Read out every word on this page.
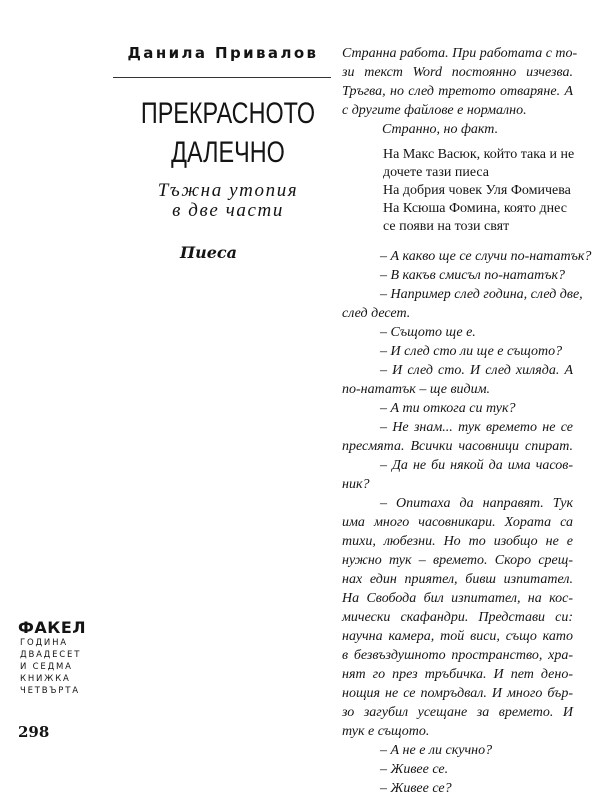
Данила Привалов
ПРЕКРАСНОТО
ДАЛЕЧНО
Тъжна утопия
в две части
Пиеса
ФАКЕЛ
ГОДИНА
ДВАДЕСЕТ
И СЕДМА
КНИЖКА
ЧЕТВЪРТА
298
Странна работа. При работата с то-
зи текст Word постоянно изчезва.
Тръгва, но след третото отваряне. А
с другите файлове е нормално.
Странно, но факт.
На Макс Васюк, който така и не
дочете тази пиеса
На добрия човек Уля Фомичева
На Ксюша Фомина, която днес
се появи на този свят
– А какво ще се случи по-нататък?
– В какъв смисъл по-нататък?
– Например след година, след две,
след десет.
– Същото ще е.
– И след сто ли ще е същото?
– И след сто. И след хиляда. А
по-нататък – ще видим.
– А ти откога си тук?
– Не знам... тук времето не се
пресмята. Всички часовници спират.
– Да не би някой да има часов-
ник?
– Опитаха да направят. Тук
има много часовникари. Хората са
тихи, любезни. Но то изобщо не е
нужно тук – времето. Скоро срещ-
нах един приятел, бивш изпитател.
На Свобода бил изпитател, на кос-
мически скафандри. Представи си:
научна камера, той виси, също като
в безвъздушното пространство, хра-
нят го през тръбичка. И пет дено-
нощия не се помръдвал. И много бър-
зо загубил усещане за времето. И
тук е същото.
– А не е ли скучно?
– Живее се.
– Живее се?
